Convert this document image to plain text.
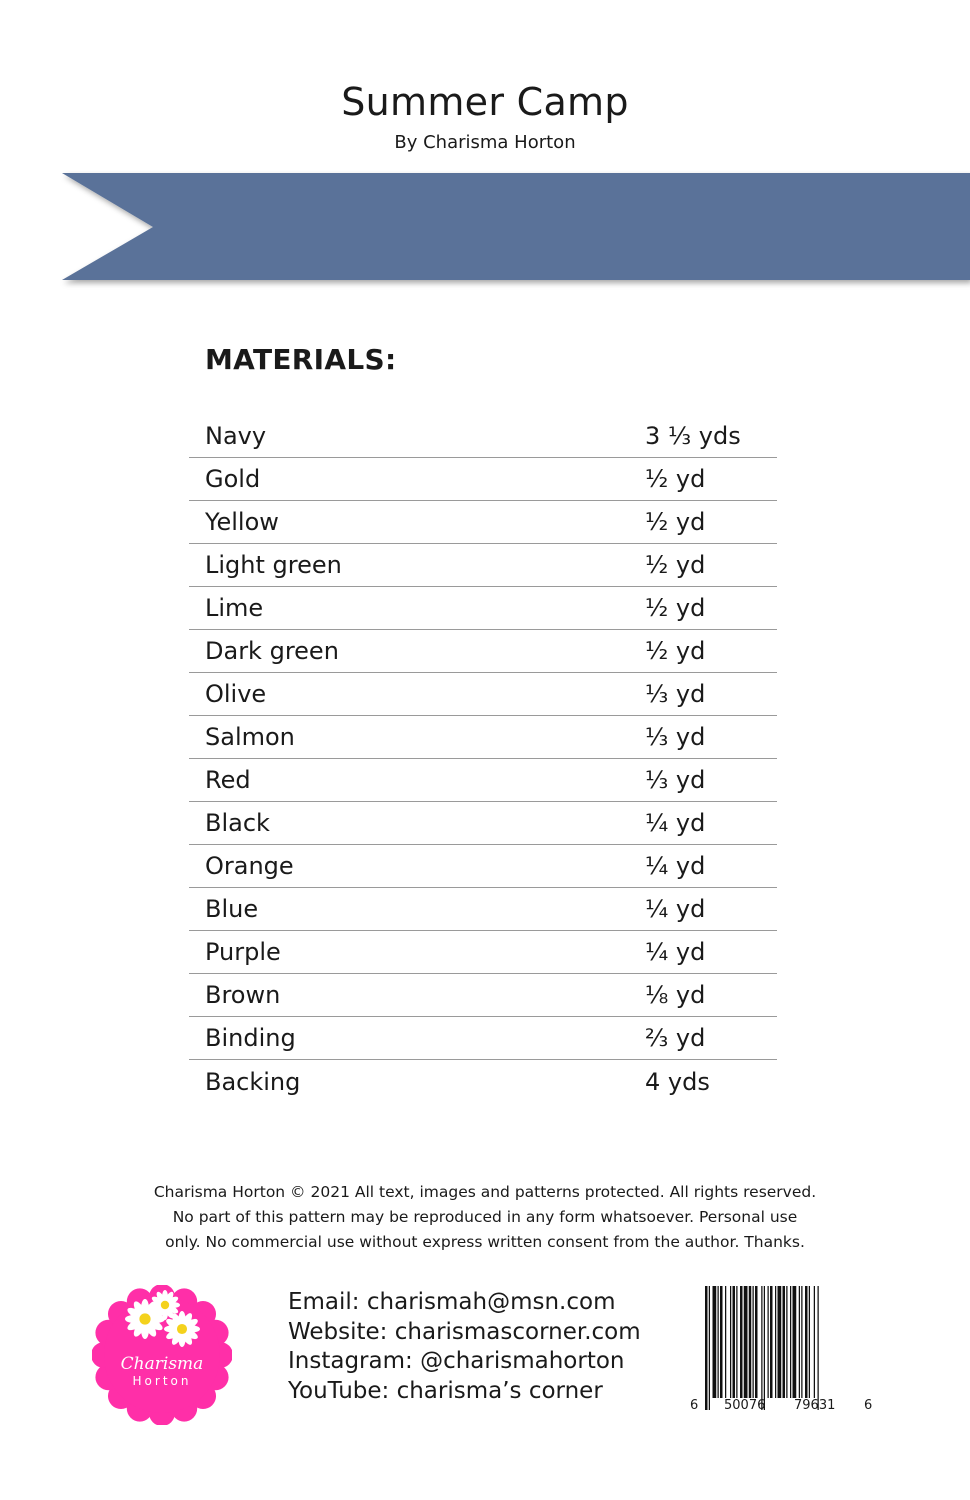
Summer Camp
By Charisma Horton
MATERIALS:
Navy	3 ⅓ yds
Gold	½ yd
Yellow	½ yd
Light green	½ yd
Lime	½ yd
Dark green	½ yd
Olive	⅓ yd
Salmon	⅓ yd
Red	⅓ yd
Black	¼ yd
Orange	¼ yd
Blue	¼ yd
Purple	¼ yd
Brown	⅛ yd
Binding	⅔ yd
Backing	4 yds
Charisma Horton © 2021 All text, images and patterns protected. All rights reserved.
No part of this pattern may be reproduced in any form whatsoever. Personal use
only. No commercial use without express written consent from the author. Thanks.
Charisma
Horton
Email: charismah@msn.com
Website: charismascorner.com
Instagram: @charismahorton
YouTube: charisma’s corner
6 50076 79631 6
